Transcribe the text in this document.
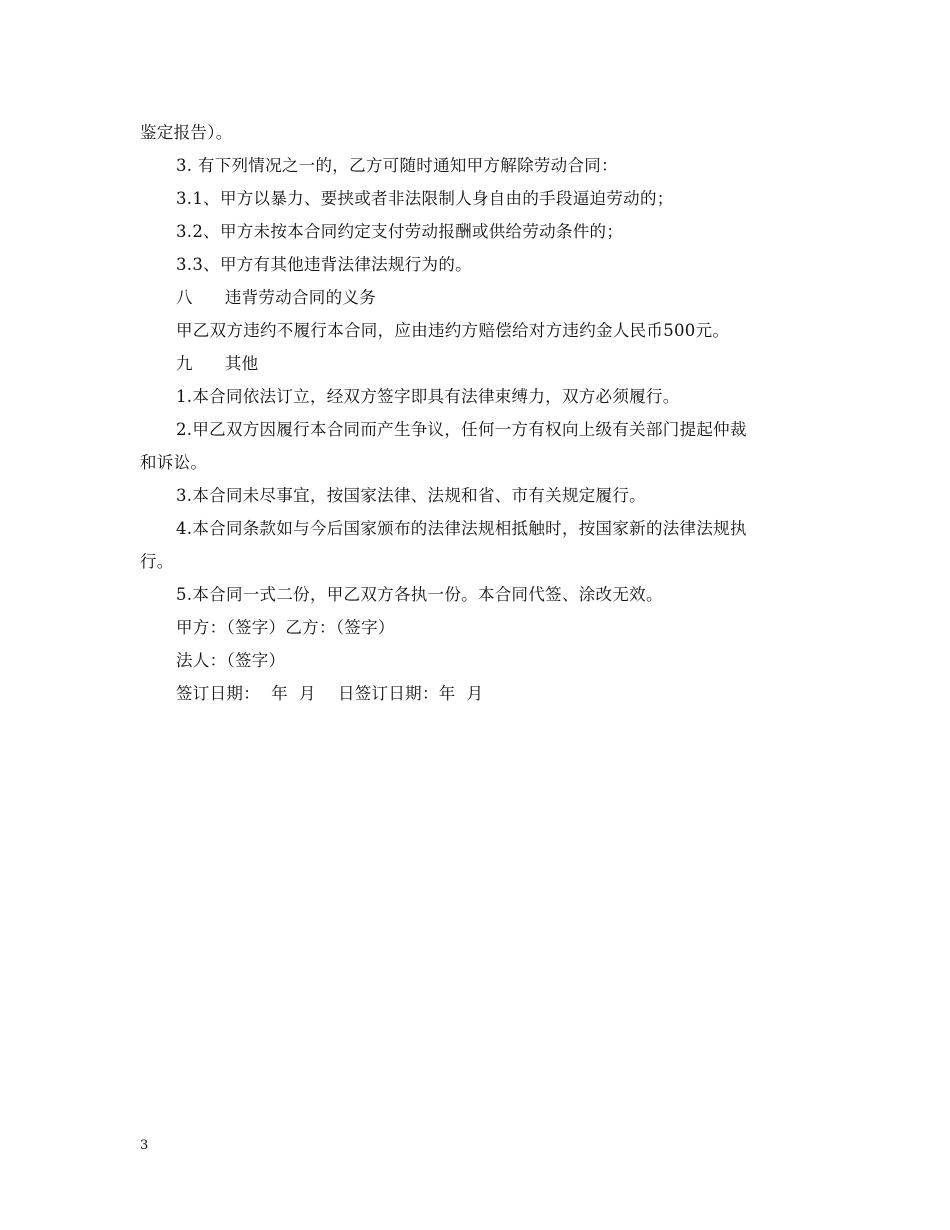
鉴定报告）。
3. 有下列情况之一的，乙方可随时通知甲方解除劳动合同：
3.1、甲方以暴力、要挟或者非法限制人身自由的手段逼迫劳动的；
3.2、甲方未按本合同约定支付劳动报酬或供给劳动条件的；
3.3、甲方有其他违背法律法规行为的。
八 违背劳动合同的义务
甲乙双方违约不履行本合同，应由违约方赔偿给对方违约金人民币500元。
九 其他
1.本合同依法订立，经双方签字即具有法律束缚力，双方必须履行。
2.甲乙双方因履行本合同而产生争议，任何一方有权向上级有关部门提起仲裁
和诉讼。
3.本合同未尽事宜，按国家法律、法规和省、市有关规定履行。
4.本合同条款如与今后国家颁布的法律法规相抵触时，按国家新的法律法规执
行。
5.本合同一式二份，甲乙双方各执一份。本合同代签、涂改无效。
甲方：（签字）乙方：（签字）
法人：（签字）
签订日期：  年  月    日签订日期：年  月
3
